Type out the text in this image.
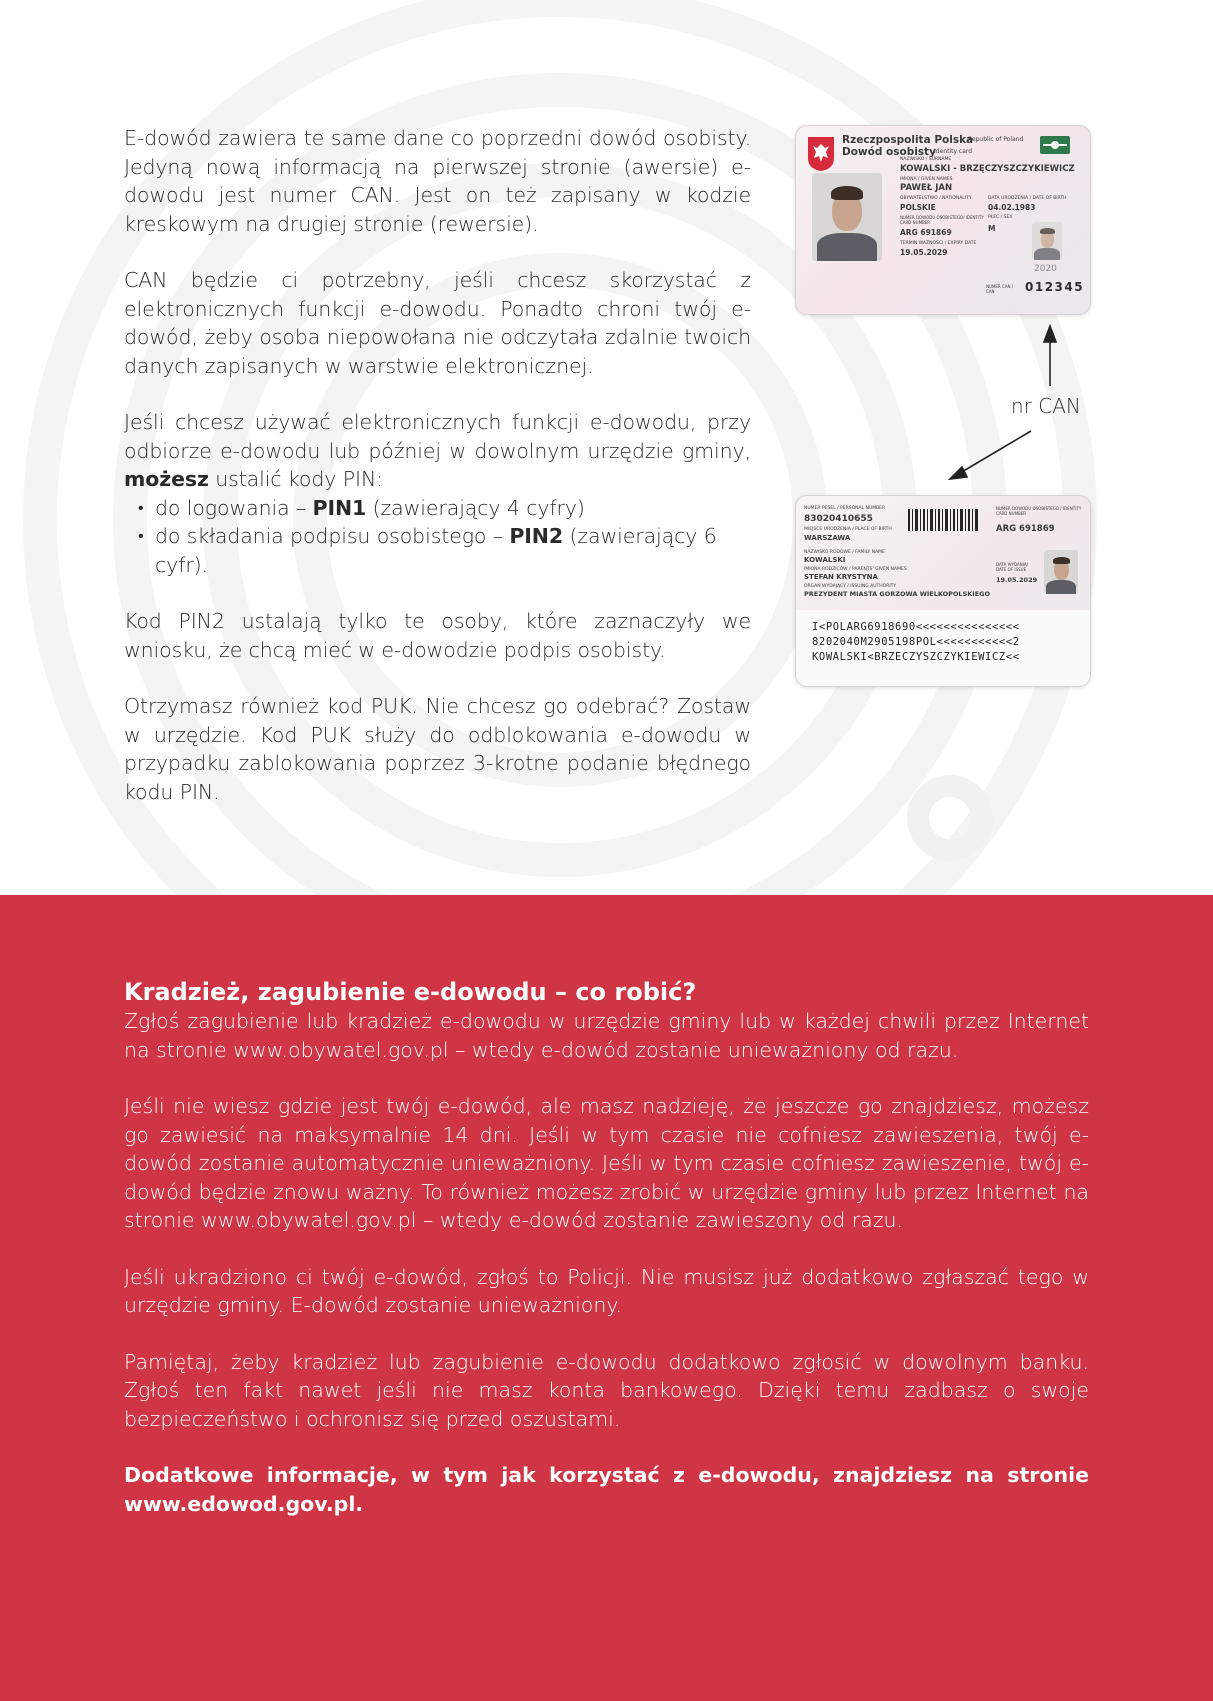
E-dowód zawiera te same dane co poprzedni dowód osobisty. Jedyną nową informacją na pierwszej stronie (awersie) e-dowodu jest numer CAN. Jest on też zapisany w kodzie kreskowym na drugiej stronie (rewersie).

CAN będzie ci potrzebny, jeśli chcesz skorzystać z elektronicznych funkcji e-dowodu. Ponadto chroni twój e-dowód, żeby osoba niepowołana nie odczytała zdalnie twoich danych zapisanych w warstwie elektronicznej.

Jeśli chcesz używać elektronicznych funkcji e-dowodu, przy odbiorze e-dowodu lub później w dowolnym urzędzie gminy, możesz ustalić kody PIN:

• do logowania – PIN1 (zawierający 4 cyfry)
• do składania podpisu osobistego – PIN2 (zawierający 6 cyfr).

Kod PIN2 ustalają tylko te osoby, które zaznaczyły we wniosku, że chcą mieć w e-dowodzie podpis osobisty.

Otrzymasz również kod PUK. Nie chcesz go odebrać? Zostaw w urzędzie. Kod PUK służy do odblokowania e-dowodu w przypadku zablokowania poprzez 3-krotne podanie błędnego kodu PIN.

Rzeczpospolita Polska
Republic of Poland
Dowód osobisty
Identity card
NAZWISKO / SURNAME
KOWALSKI - BRZĘCZYSZCZYKIEWICZ
IMIONA / GIVEN NAMES
PAWEŁ JAN
OBYWATELSTWO / NATIONALITY
POLSKIE
DATA URODZENIA / DATE OF BIRTH
04.02.1983
NUMER DOWODU OSOBISTEGO/ IDENTITY CARD NUMBER
ARG 691869
PŁEĆ / SEX
M
TERMIN WAŻNOŚCI / EXPIRY DATE
19.05.2029
2020
NUMER CAN / CAN	012345
NUMER PESEL / PERSONAL NUMBER
83020410655
MIEJSCE URODZENIA / PLACE OF BIRTH
WARSZAWA
NUMER DOWODU OSOBISTEGO / IDENTITY CARD NUMBER
ARG 691869
NAZWISKO RODOWE / FAMILY NAME
KOWALSKI
IMIONA RODZICÓW / PARENTS' GIVEN NAMES
STEFAN KRYSTYNA
ORGAN WYDAJĄCY / ISSUING AUTHORITY
PREZYDENT MIASTA GORZOWA WIELKOPOLSKIEGO
DATA WYDANIA/ DATE OF ISSUE
19.05.2029
I<POLARG6918690<<<<<<<<<<<<<<<
8202040M2905198POL<<<<<<<<<<<2
KOWALSKI<BRZECZYSZCZYKIEWICZ<<
nr CAN
Kradzież, zagubienie e-dowodu – co robić?

Zgłoś zagubienie lub kradzież e-dowodu w urzędzie gminy lub w każdej chwili przez Internet na stronie www.obywatel.gov.pl – wtedy e-dowód zostanie unieważniony od razu.

Jeśli nie wiesz gdzie jest twój e-dowód, ale masz nadzieję, że jeszcze go znajdziesz, możesz go zawiesić na maksymalnie 14 dni. Jeśli w tym czasie nie cofniesz zawieszenia, twój e-dowód zostanie automatycznie unieważniony. Jeśli w tym czasie cofniesz zawieszenie, twój e-dowód będzie znowu ważny. To również możesz zrobić w urzędzie gminy lub przez Internet na stronie www.obywatel.gov.pl – wtedy e-dowód zostanie zawieszony od razu.

Jeśli ukradziono ci twój e-dowód, zgłoś to Policji. Nie musisz już dodatkowo zgłaszać tego w urzędzie gminy. E-dowód zostanie unieważniony.

Pamiętaj, żeby kradzież lub zagubienie e-dowodu dodatkowo zgłosić w dowolnym banku. Zgłoś ten fakt nawet jeśli nie masz konta bankowego. Dzięki temu zadbasz o swoje bezpieczeństwo i ochronisz się przed oszustami.

Dodatkowe informacje, w tym jak korzystać z e-dowodu, znajdziesz na stronie www.edowod.gov.pl.
